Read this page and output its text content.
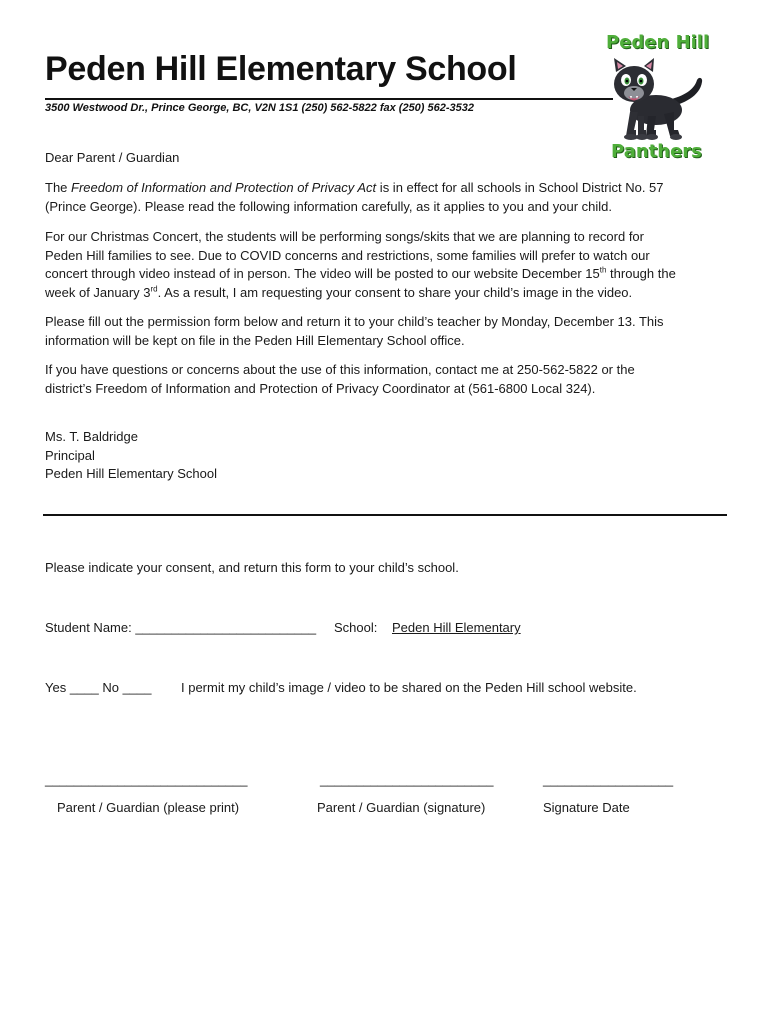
Peden Hill Elementary School
3500 Westwood Dr., Prince George, BC, V2N 1S1 (250) 562-5822 fax (250) 562-3532
Peden Hill
Panthers
Dear Parent / Guardian
The Freedom of Information and Protection of Privacy Act is in effect for all schools in School District No. 57
(Prince George). Please read the following information carefully, as it applies to you and your child.
For our Christmas Concert, the students will be performing songs/skits that we are planning to record for
Peden Hill families to see. Due to COVID concerns and restrictions, some families will prefer to watch our
concert through video instead of in person. The video will be posted to our website December 15th through the
week of January 3rd. As a result, I am requesting your consent to share your child’s image in the video.
Please fill out the permission form below and return it to your child’s teacher by Monday, December 13. This
information will be kept on file in the Peden Hill Elementary School office.
If you have questions or concerns about the use of this information, contact me at 250-562-5822 or the
district’s Freedom of Information and Protection of Privacy Coordinator at (561-6800 Local 324).
Ms. T. Baldridge
Principal
Peden Hill Elementary School
Please indicate your consent, and return this form to your child’s school.
Student Name: _________________________ School: Peden Hill Elementary
Yes ____ No ____ I permit my child’s image / video to be shared on the Peden Hill school website.
____________________________	________________________	__________________
Parent / Guardian (please print)	Parent / Guardian (signature)	Signature Date
